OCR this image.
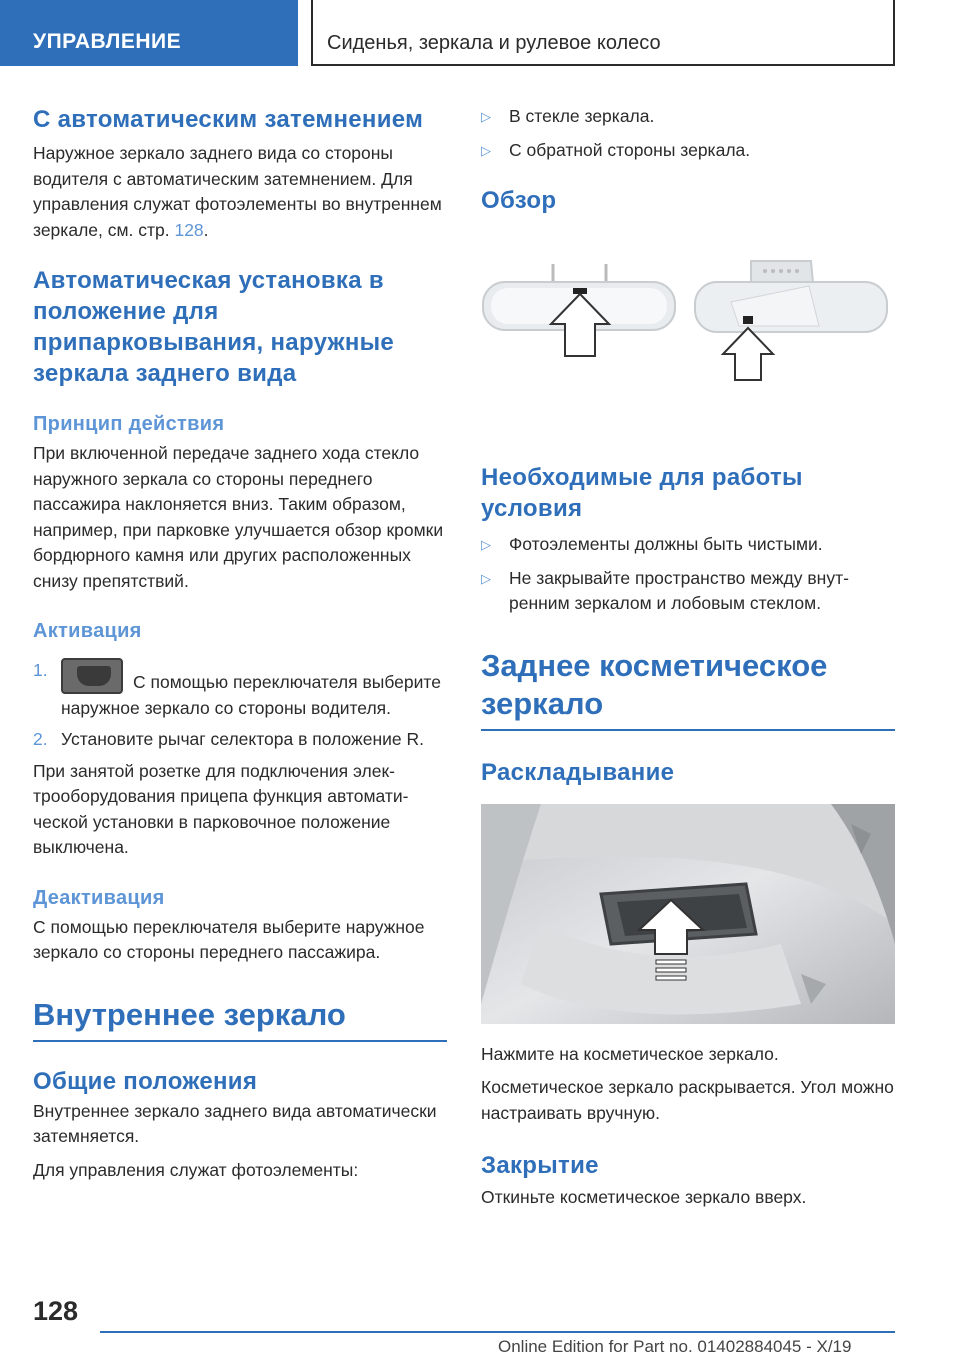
УПРАВЛЕНИЕ	Сиденья, зеркала и рулевое колесо
С автоматическим затемнением

Наружное зеркало заднего вида со стороны водителя с автоматическим затемнением. Для управления служат фотоэлементы во внутреннем зеркале, см. стр. 128.

Автоматическая установка в положение для припарковывания, наружные зеркала заднего вида
Принцип действия

При включенной передаче заднего хода стекло наружного зеркала со стороны переднего пассажира наклоняется вниз. Таким образом, например, при парковке улучшается обзор кромки бордюрного камня или других расположенных снизу препятствий.

Активация
1.
С помощью переключателя выберите наружное зеркало со стороны водителя.
2. Установите рычаг селектора в положение R.

При занятой розетке для подключения электрооборудования прицепа функция автоматической установки в парковочное положение выключена.

Деактивация

С помощью переключателя выберите наружное зеркало со стороны переднего пассажира.

Внутреннее зеркало
Общие положения

Внутреннее зеркало заднего вида автоматически затемняется.

Для управления служат фотоэлементы:

▷ В стекле зеркала.
▷ С обратной стороны зеркала.
Обзор
Необходимые для работы условия
▷ Фотоэлементы должны быть чистыми.
▷ Не закрывайте пространство между внутренним зеркалом и лобовым стеклом.
Заднее косметическое зеркало
Раскладывание

Нажмите на косметическое зеркало.

Косметическое зеркало раскрывается. Угол можно настраивать вручную.

Закрытие

Откиньте косметическое зеркало вверх.

128
Online Edition for Part no. 01402884045 - X/19
